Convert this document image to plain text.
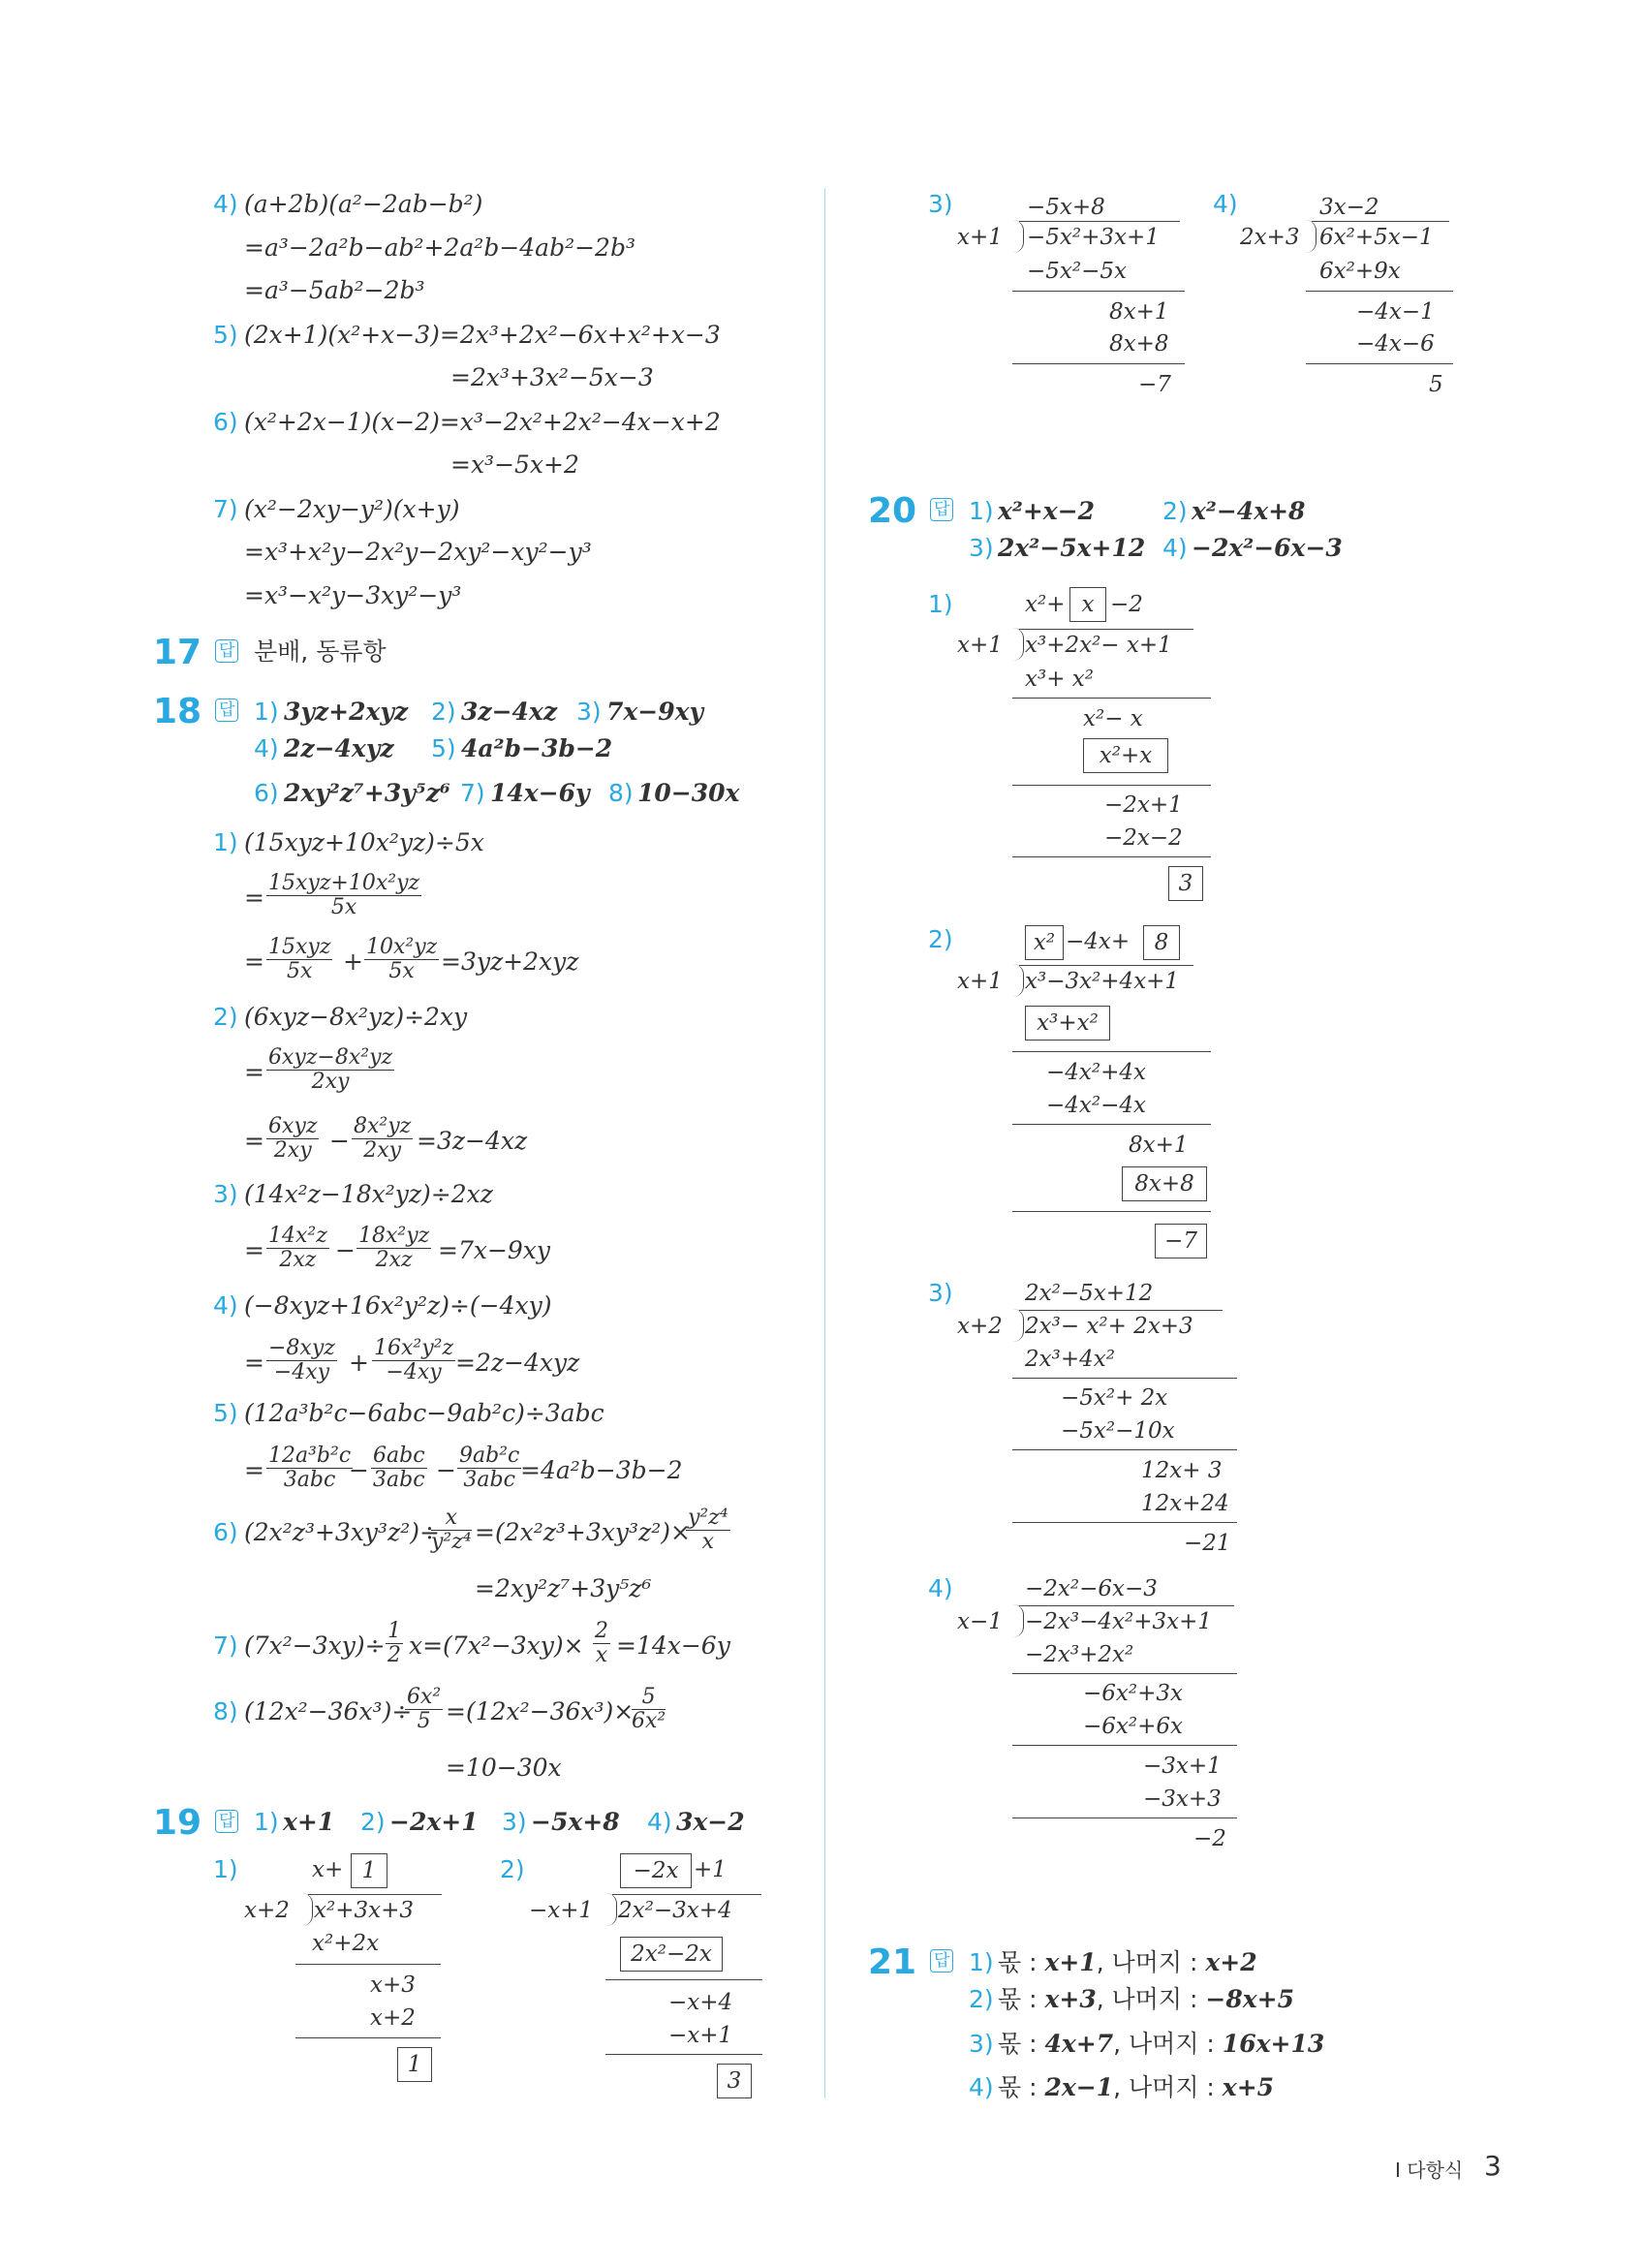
4) (a+2b)(a²−2ab−b²)
=a³−2a²b−ab²+2a²b−4ab²−2b³
=a³−5ab²−2b³
5) (2x+1)(x²+x−3)=2x³+2x²−6x+x²+x−3
=2x³+3x²−5x−3
6) (x²+2x−1)(x−2)=x³−2x²+2x²−4x−x+2
=x³−5x+2
7) (x²−2xy−y²)(x+y)
=x³+x²y−2x²y−2xy²−xy²−y³
=x³−x²y−3xy²−y³
17 답 분배, 동류항
18 답 1) 3yz+2xyz 2) 3z−4xz 3) 7x−9xy
4) 2z−4xyz 5) 4a²b−3b−2
6) 2xy²z⁷+3y⁵z⁶ 7) 14x−6y 8) 10−30x
1) (15xyz+10x²yz)÷5x
=
15xyz+10x²yz
5x
=
15xyz
5x	+
10x²yz
5x	=3yz+2xyz
2) (6xyz−8x²yz)÷2xy
=
6xyz−8x²yz
2xy
=
6xyz
2xy −
8x²yz
2xy =3z−4xz
3) (14x²z−18x²yz)÷2xz
=
14x²z
2xz −
18x²yz
2xz	=7x−9xy
4) (−8xyz+16x²y²z)÷(−4xy)
=
−8xyz
−4xy +
16x²y²z
−4xy =2z−4xyz
5) (12a³b²c−6abc−9ab²c)÷3abc
=
12a³b²c
3abc −
6abc
3abc −
9ab²c
3abc =4a²b−3b−2
6) (2x²z³+3xy³z²)÷
x
y²z⁴ =(2x²z³+3xy³z²)×
y²z⁴
x
=2xy²z⁷+3y⁵z⁶
7) (7x²−3xy)÷
1
2 x=(7x²−3xy)×
2
x =14x−6y
8) (12x²−36x³)÷
6x²
5 =(12x²−36x³)×
5
6x²
=10−30x
19 답 1) x+1 2) −2x+1 3) −5x+8 4) 3x−2
1)	x+ 1
x+2 x²+3x+3
x²+2x
x+3
x+2
1
2)	−2x +1
−x+1 2x²−3x+4
2x²−2x
−x+4
−x+1
3
3)	−5x+8
x+1 −5x²+3x+1
−5x²−5x
8x+1
8x+8
−7
4)	3x−2
2x+3 6x²+5x−1
6x²+9x
−4x−1
−4x−6
5
20 답 1) x²+x−2	2) x²−4x+8
3) 2x²−5x+12 4) −2x²−6x−3
1)	x²+ x −2
x+1 x³+2x²− x+1
x³+ x²
x²− x
x²+x
−2x+1
−2x−2
3
2)	x² −4x+	8
x+1 x³−3x²+4x+1
x³+x²
−4x²+4x
−4x²−4x
8x+1
8x+8
−7
3)	2x²−5x+12
x+2 2x³− x²+ 2x+3
2x³+4x²
−5x²+ 2x
−5x²−10x
12x+ 3
12x+24
−21
4)	−2x²−6x−3
x−1 −2x³−4x²+3x+1
−2x³+2x²
−6x²+3x
−6x²+6x
−3x+1
−3x+3
−2
21 답 1) 몫 : x+1, 나머지 : x+2
2) 몫 : x+3, 나머지 : −8x+5
3) 몫 : 4x+7, 나머지 : 16x+13
4) 몫 : 2x−1, 나머지 : x+5
Ⅰ 다항식 3
